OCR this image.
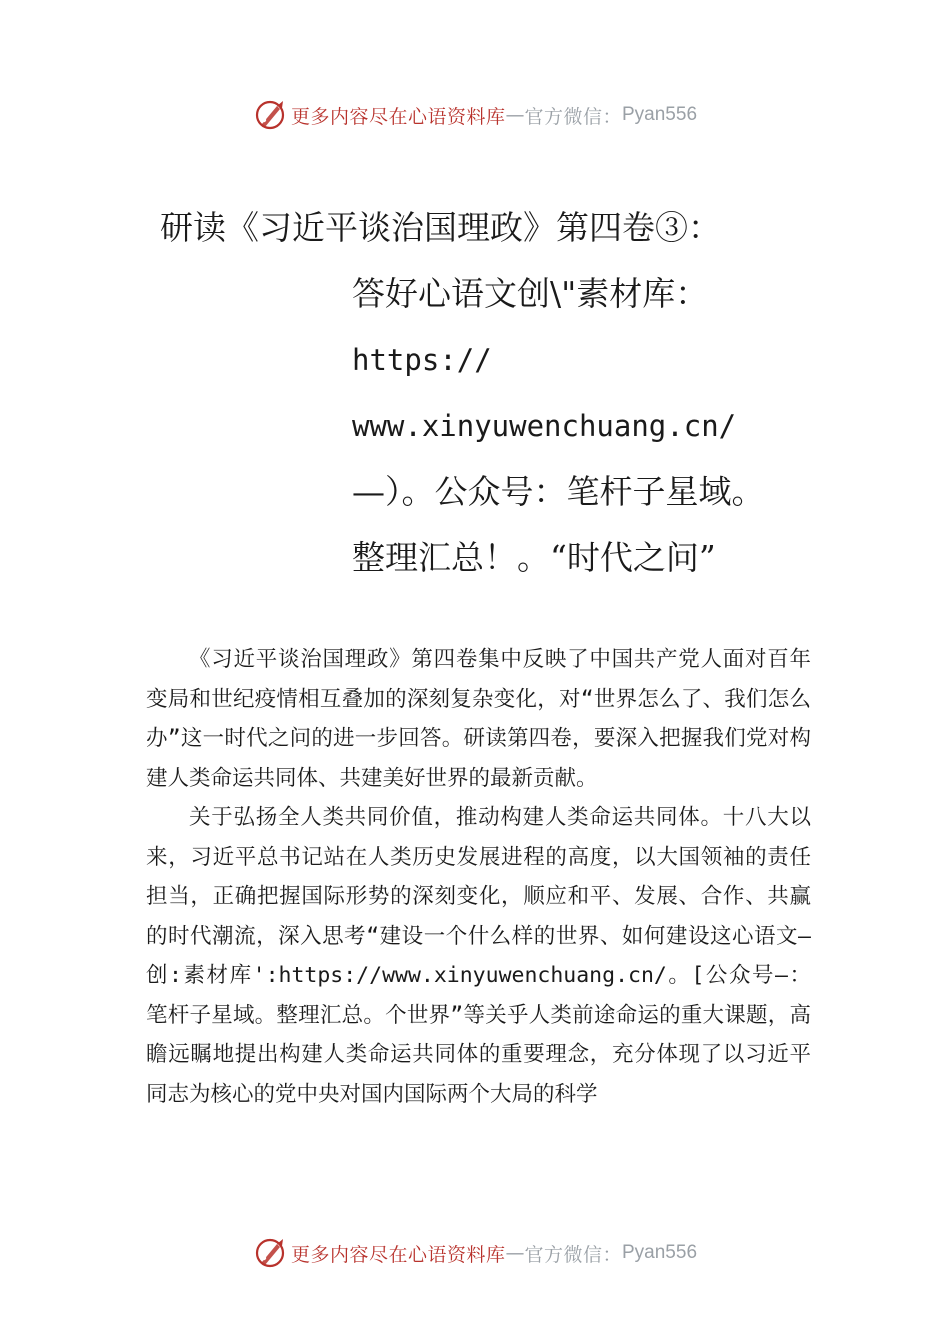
更多内容尽在心语资料库 — 官方微信： Pyan556
研读《习近平谈治国理政》第四卷③：
答好心语文创\"素材库：
https://
www.xinyuwenchuang.cn/
—）。公众号：笔杆子星域。
整理汇总！。“时代之问”

《习近平谈治国理政》第四卷集中反映了中国共产党人面对百年变局和世纪疫情相互叠加的深刻复杂变化，对“世界怎么了、我们怎么办”这一时代之问的进一步回答。研读第四卷，要深入把握我们党对构建人类命运共同体、共建美好世界的最新贡献。

关于弘扬全人类共同价值，推动构建人类命运共同体。十八大以来，习近平总书记站在人类历史发展进程的高度，以大国领袖的责任担当，正确把握国际形势的深刻变化，顺应和平、发展、合作、共赢的时代潮流，深入思考“建设一个什么样的世界、如何建设这心语文—创:素材库':https://www.xinyuwenchuang.cn/。[公众号—：笔杆子星域。整理汇总。个世界”等关乎人类前途命运的重大课题，高瞻远瞩地提出构建人类命运共同体的重要理念，充分体现了以习近平同志为核心的党中央对国内国际两个大局的科学

更多内容尽在心语资料库 — 官方微信： Pyan556
